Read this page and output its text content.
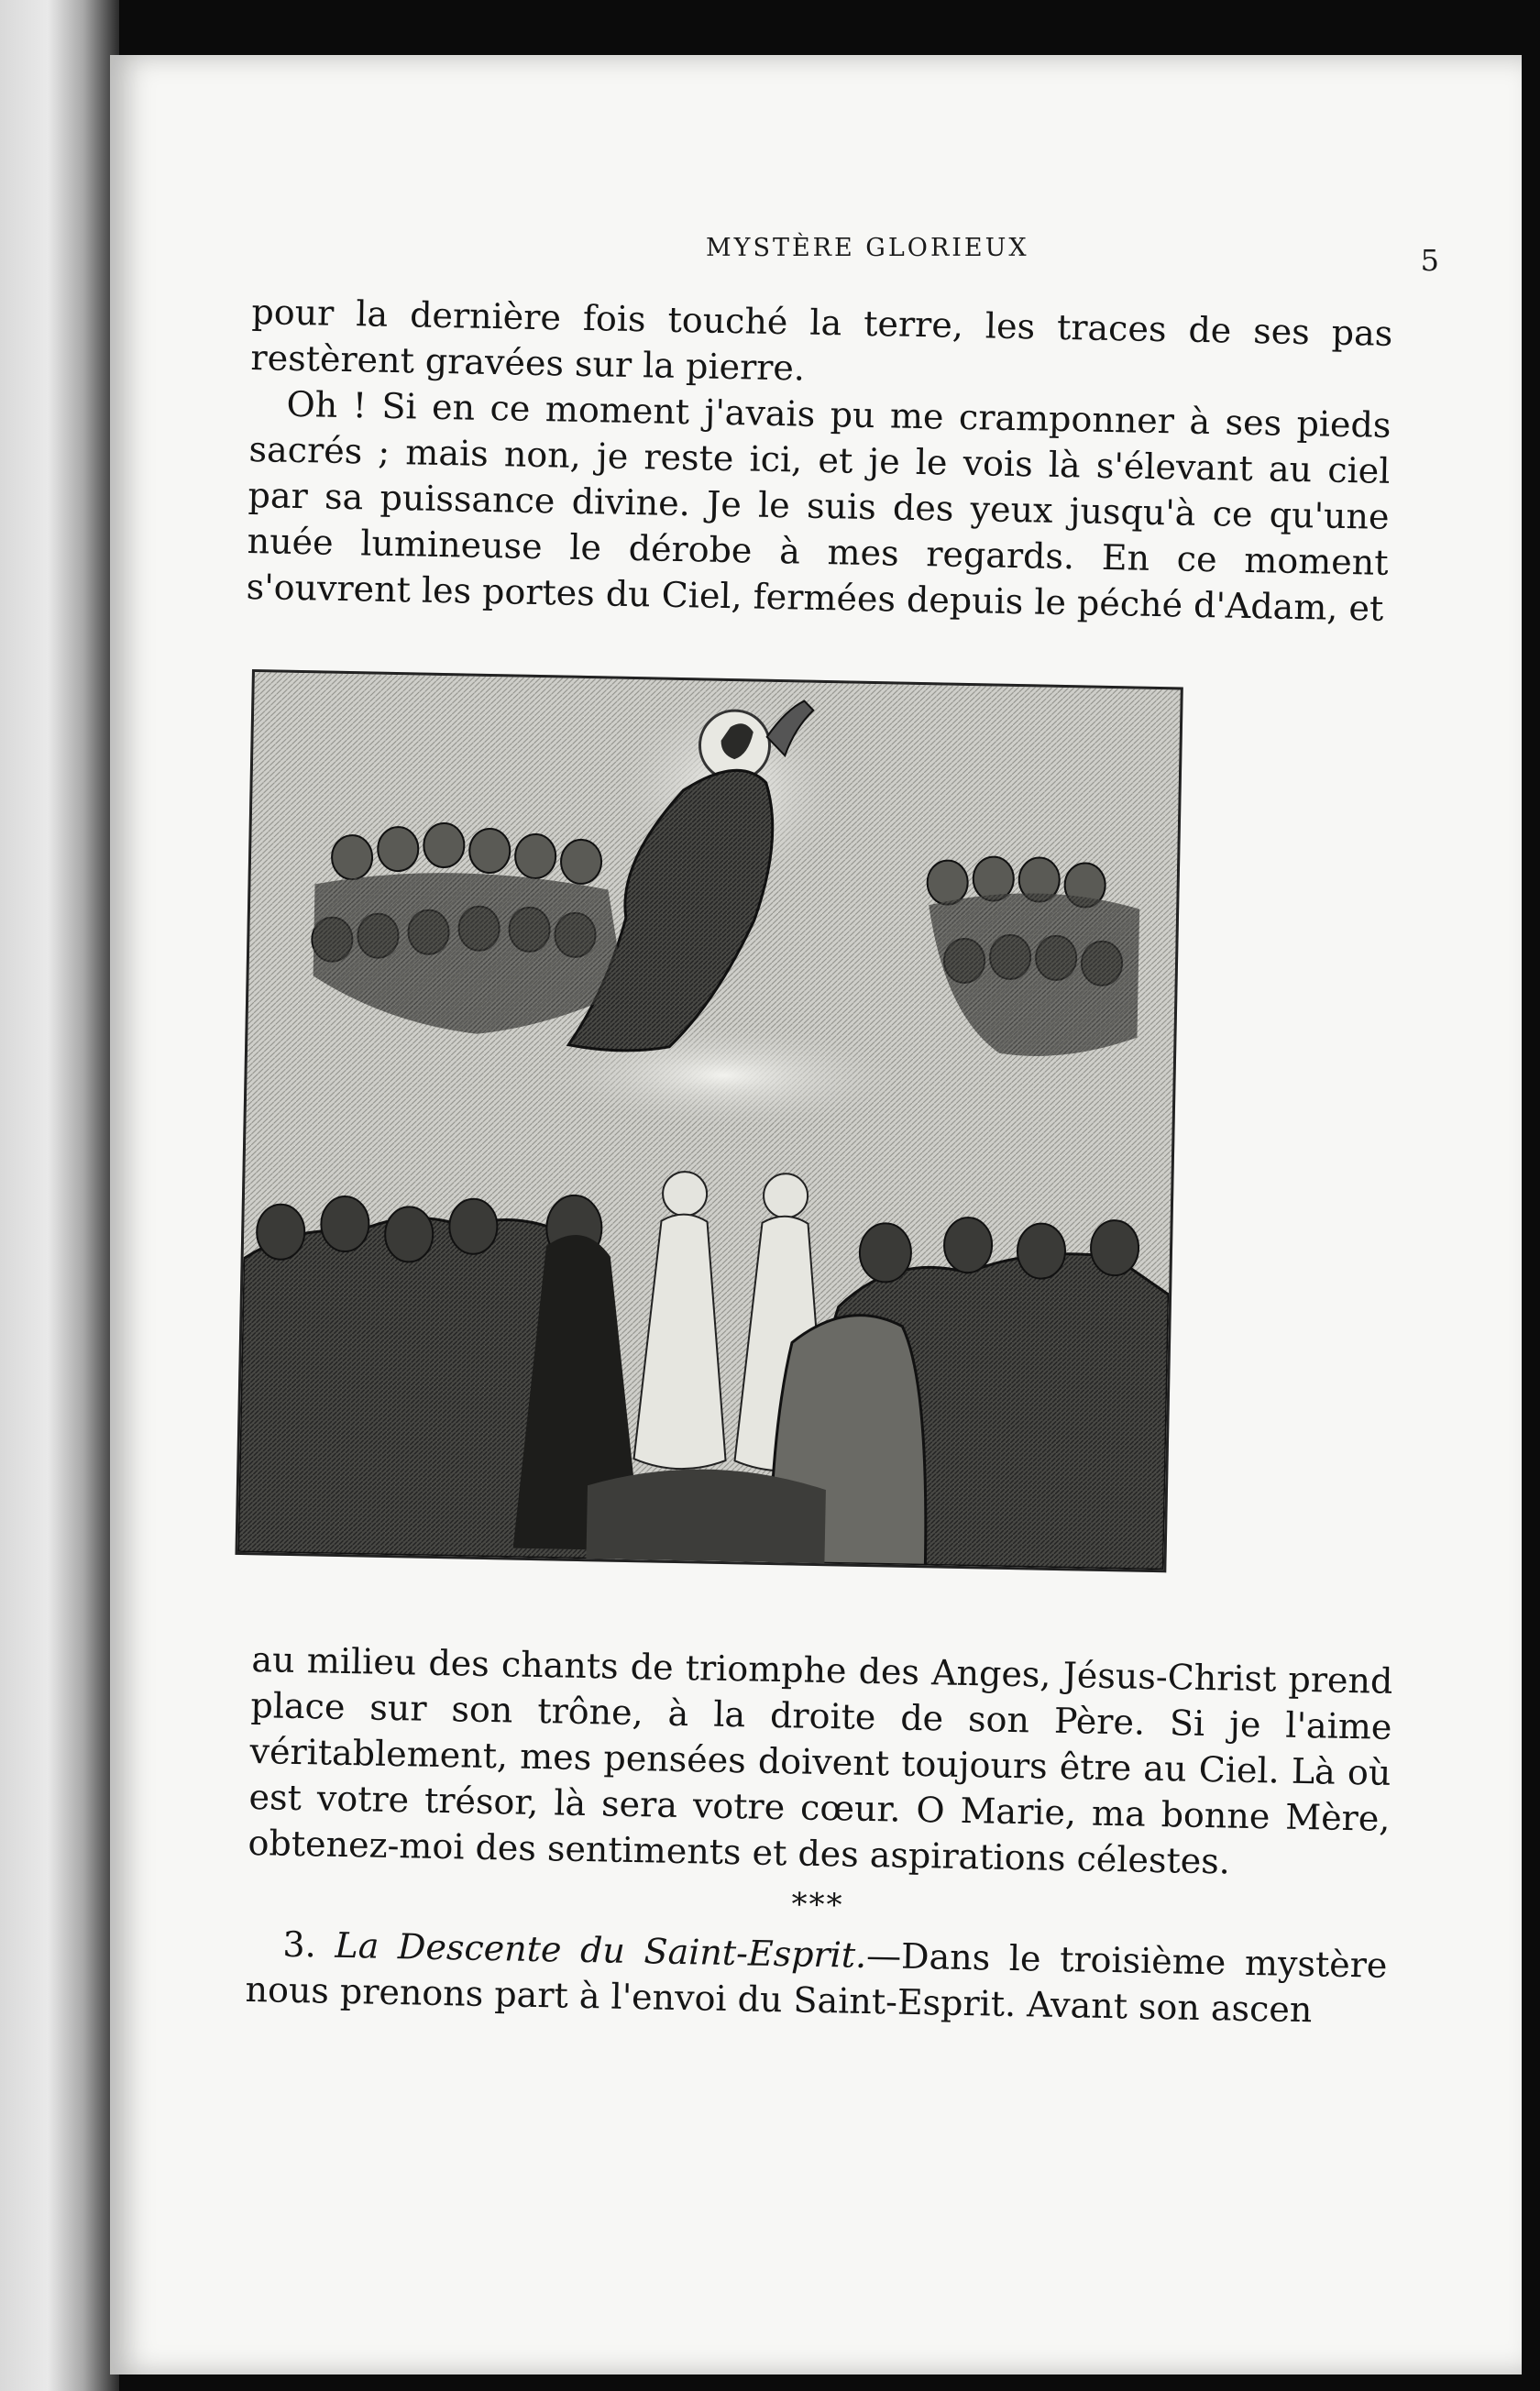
MYSTÈRE GLORIEUX	5

pour la dernière fois touché la terre, les traces de ses pas restèrent gravées sur la pierre.

Oh ! Si en ce moment j'avais pu me cramponner à ses pieds sacrés ; mais non, je reste ici, et je le vois là s'élevant au ciel par sa puissance divine. Je le suis des yeux jusqu'à ce qu'une nuée lumineuse le dérobe à mes regards. En ce moment s'ouvrent les portes du Ciel, fermées depuis le péché d'Adam, et

au milieu des chants de triomphe des Anges, Jésus-Christ prend place sur son trône, à la droite de son Père. Si je l'aime véritablement, mes pensées doivent toujours être au Ciel. Là où est votre trésor, là sera votre cœur. O Marie, ma bonne Mère, obtenez-moi des sentiments et des aspirations célestes.

***

3. La Descente du Saint-Esprit.—Dans le troisième mystère nous prenons part à l'envoi du Saint-Esprit. Avant son ascen
